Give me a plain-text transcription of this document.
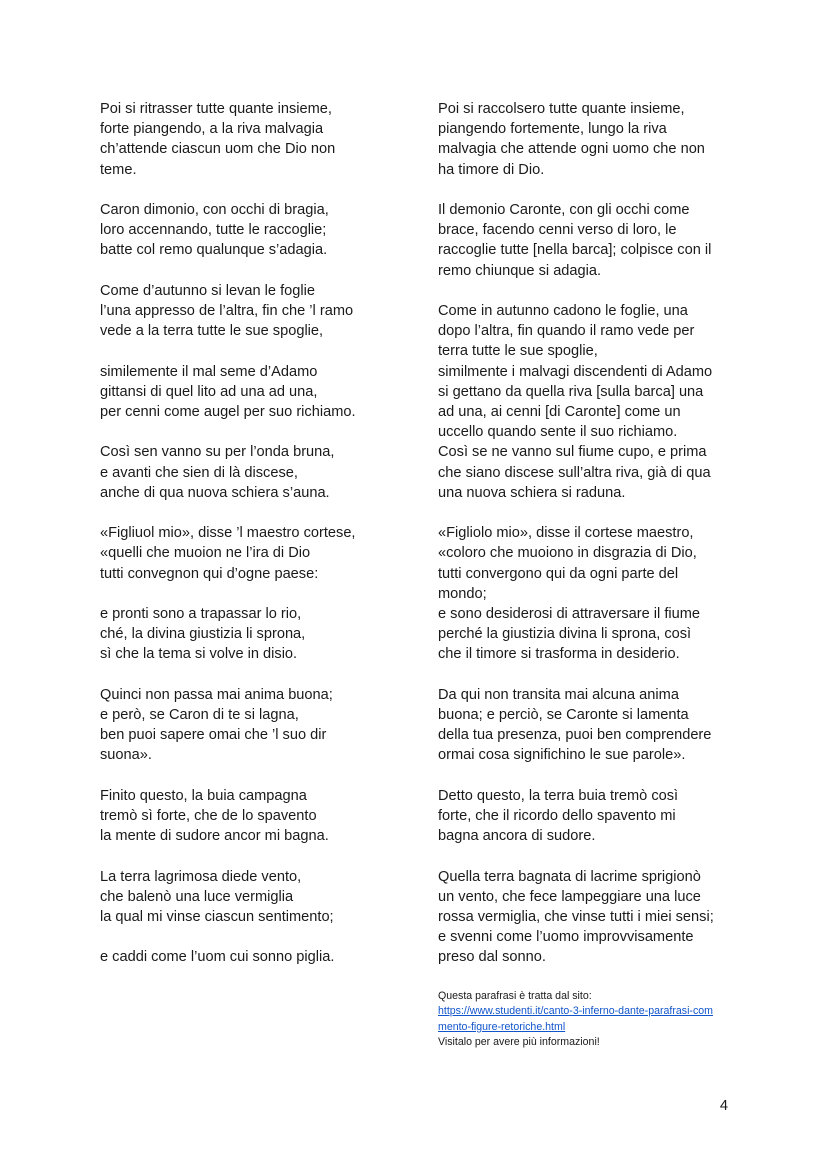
Poi si ritrasser tutte quante insieme,
forte piangendo, a la riva malvagia
ch’attende ciascun uom che Dio non
teme.
Caron dimonio, con occhi di bragia,
loro accennando, tutte le raccoglie;
batte col remo qualunque s’adagia.
Come d’autunno si levan le foglie
l’una appresso de l’altra, fin che ’l ramo
vede a la terra tutte le sue spoglie,
similemente il mal seme d’Adamo
gittansi di quel lito ad una ad una,
per cenni come augel per suo richiamo.
Così sen vanno su per l’onda bruna,
e avanti che sien di là discese,
anche di qua nuova schiera s’auna.
«Figliuol mio», disse ’l maestro cortese,
«quelli che muoion ne l’ira di Dio
tutti convegnon qui d’ogne paese:
e pronti sono a trapassar lo rio,
ché, la divina giustizia li sprona,
sì che la tema si volve in disio.
Quinci non passa mai anima buona;
e però, se Caron di te si lagna,
ben puoi sapere omai che ’l suo dir
suona».
Finito questo, la buia campagna
tremò sì forte, che de lo spavento
la mente di sudore ancor mi bagna.
La terra lagrimosa diede vento,
che balenò una luce vermiglia
la qual mi vinse ciascun sentimento;
e caddi come l’uom cui sonno piglia.
Poi si raccolsero tutte quante insieme,
piangendo fortemente, lungo la riva
malvagia che attende ogni uomo che non
ha timore di Dio.
Il demonio Caronte, con gli occhi come
brace, facendo cenni verso di loro, le
raccoglie tutte [nella barca]; colpisce con il
remo chiunque si adagia.
Come in autunno cadono le foglie, una
dopo l’altra, fin quando il ramo vede per
terra tutte le sue spoglie,
similmente i malvagi discendenti di Adamo
si gettano da quella riva [sulla barca] una
ad una, ai cenni [di Caronte] come un
uccello quando sente il suo richiamo.
Così se ne vanno sul fiume cupo, e prima
che siano discese sull’altra riva, già di qua
una nuova schiera si raduna.
«Figliolo mio», disse il cortese maestro,
«coloro che muoiono in disgrazia di Dio,
tutti convergono qui da ogni parte del
mondo;
e sono desiderosi di attraversare il fiume
perché la giustizia divina li sprona, così
che il timore si trasforma in desiderio.
Da qui non transita mai alcuna anima
buona; e perciò, se Caronte si lamenta
della tua presenza, puoi ben comprendere
ormai cosa significhino le sue parole».
Detto questo, la terra buia tremò così
forte, che il ricordo dello spavento mi
bagna ancora di sudore.
Quella terra bagnata di lacrime sprigionò
un vento, che fece lampeggiare una luce
rossa vermiglia, che vinse tutti i miei sensi;
e svenni come l’uomo improvvisamente
preso dal sonno.
Questa parafrasi è tratta dal sito:
https://www.studenti.it/canto-3-inferno-dante-parafrasi-com
mento-figure-retoriche.html
Visitalo per avere più informazioni!
4
